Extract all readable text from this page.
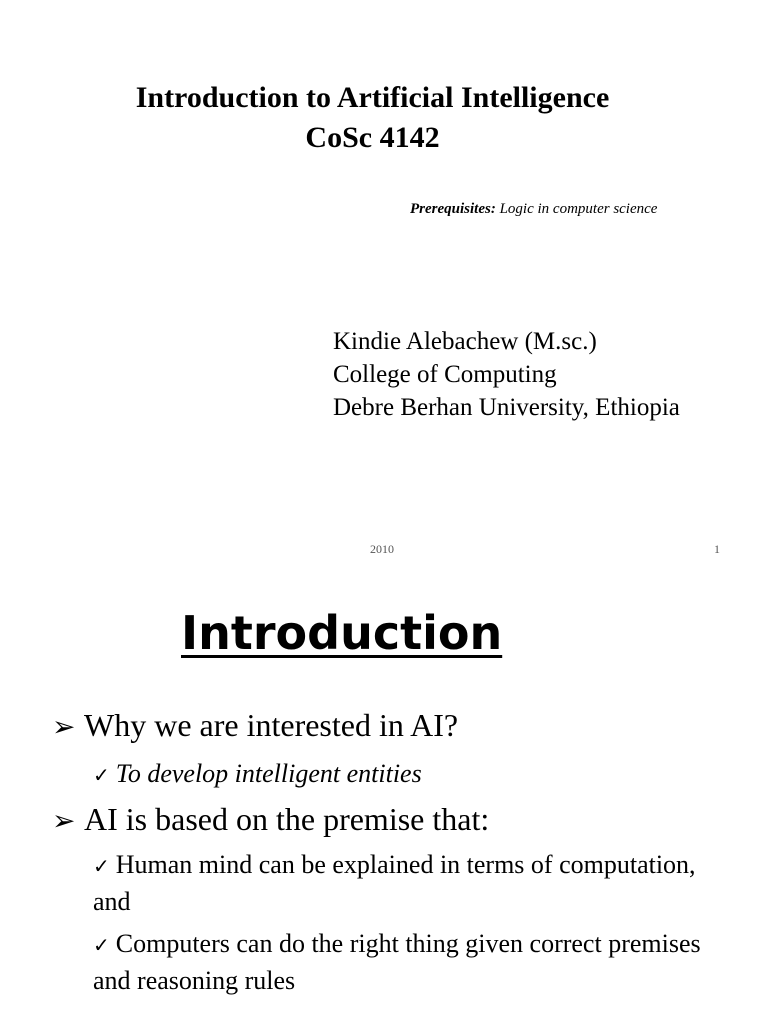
Introduction to Artificial Intelligence
CoSc 4142
Prerequisites: Logic in computer science
Kindie Alebachew (M.sc.)
College of Computing
Debre Berhan University, Ethiopia
2010	1
Introduction
➢ Why we are interested in AI?
✓ To develop intelligent entities
➢ AI is based on the premise that:
✓ Human mind can be explained in terms of computation, and
✓ Computers can do the right thing given correct premises and reasoning rules
